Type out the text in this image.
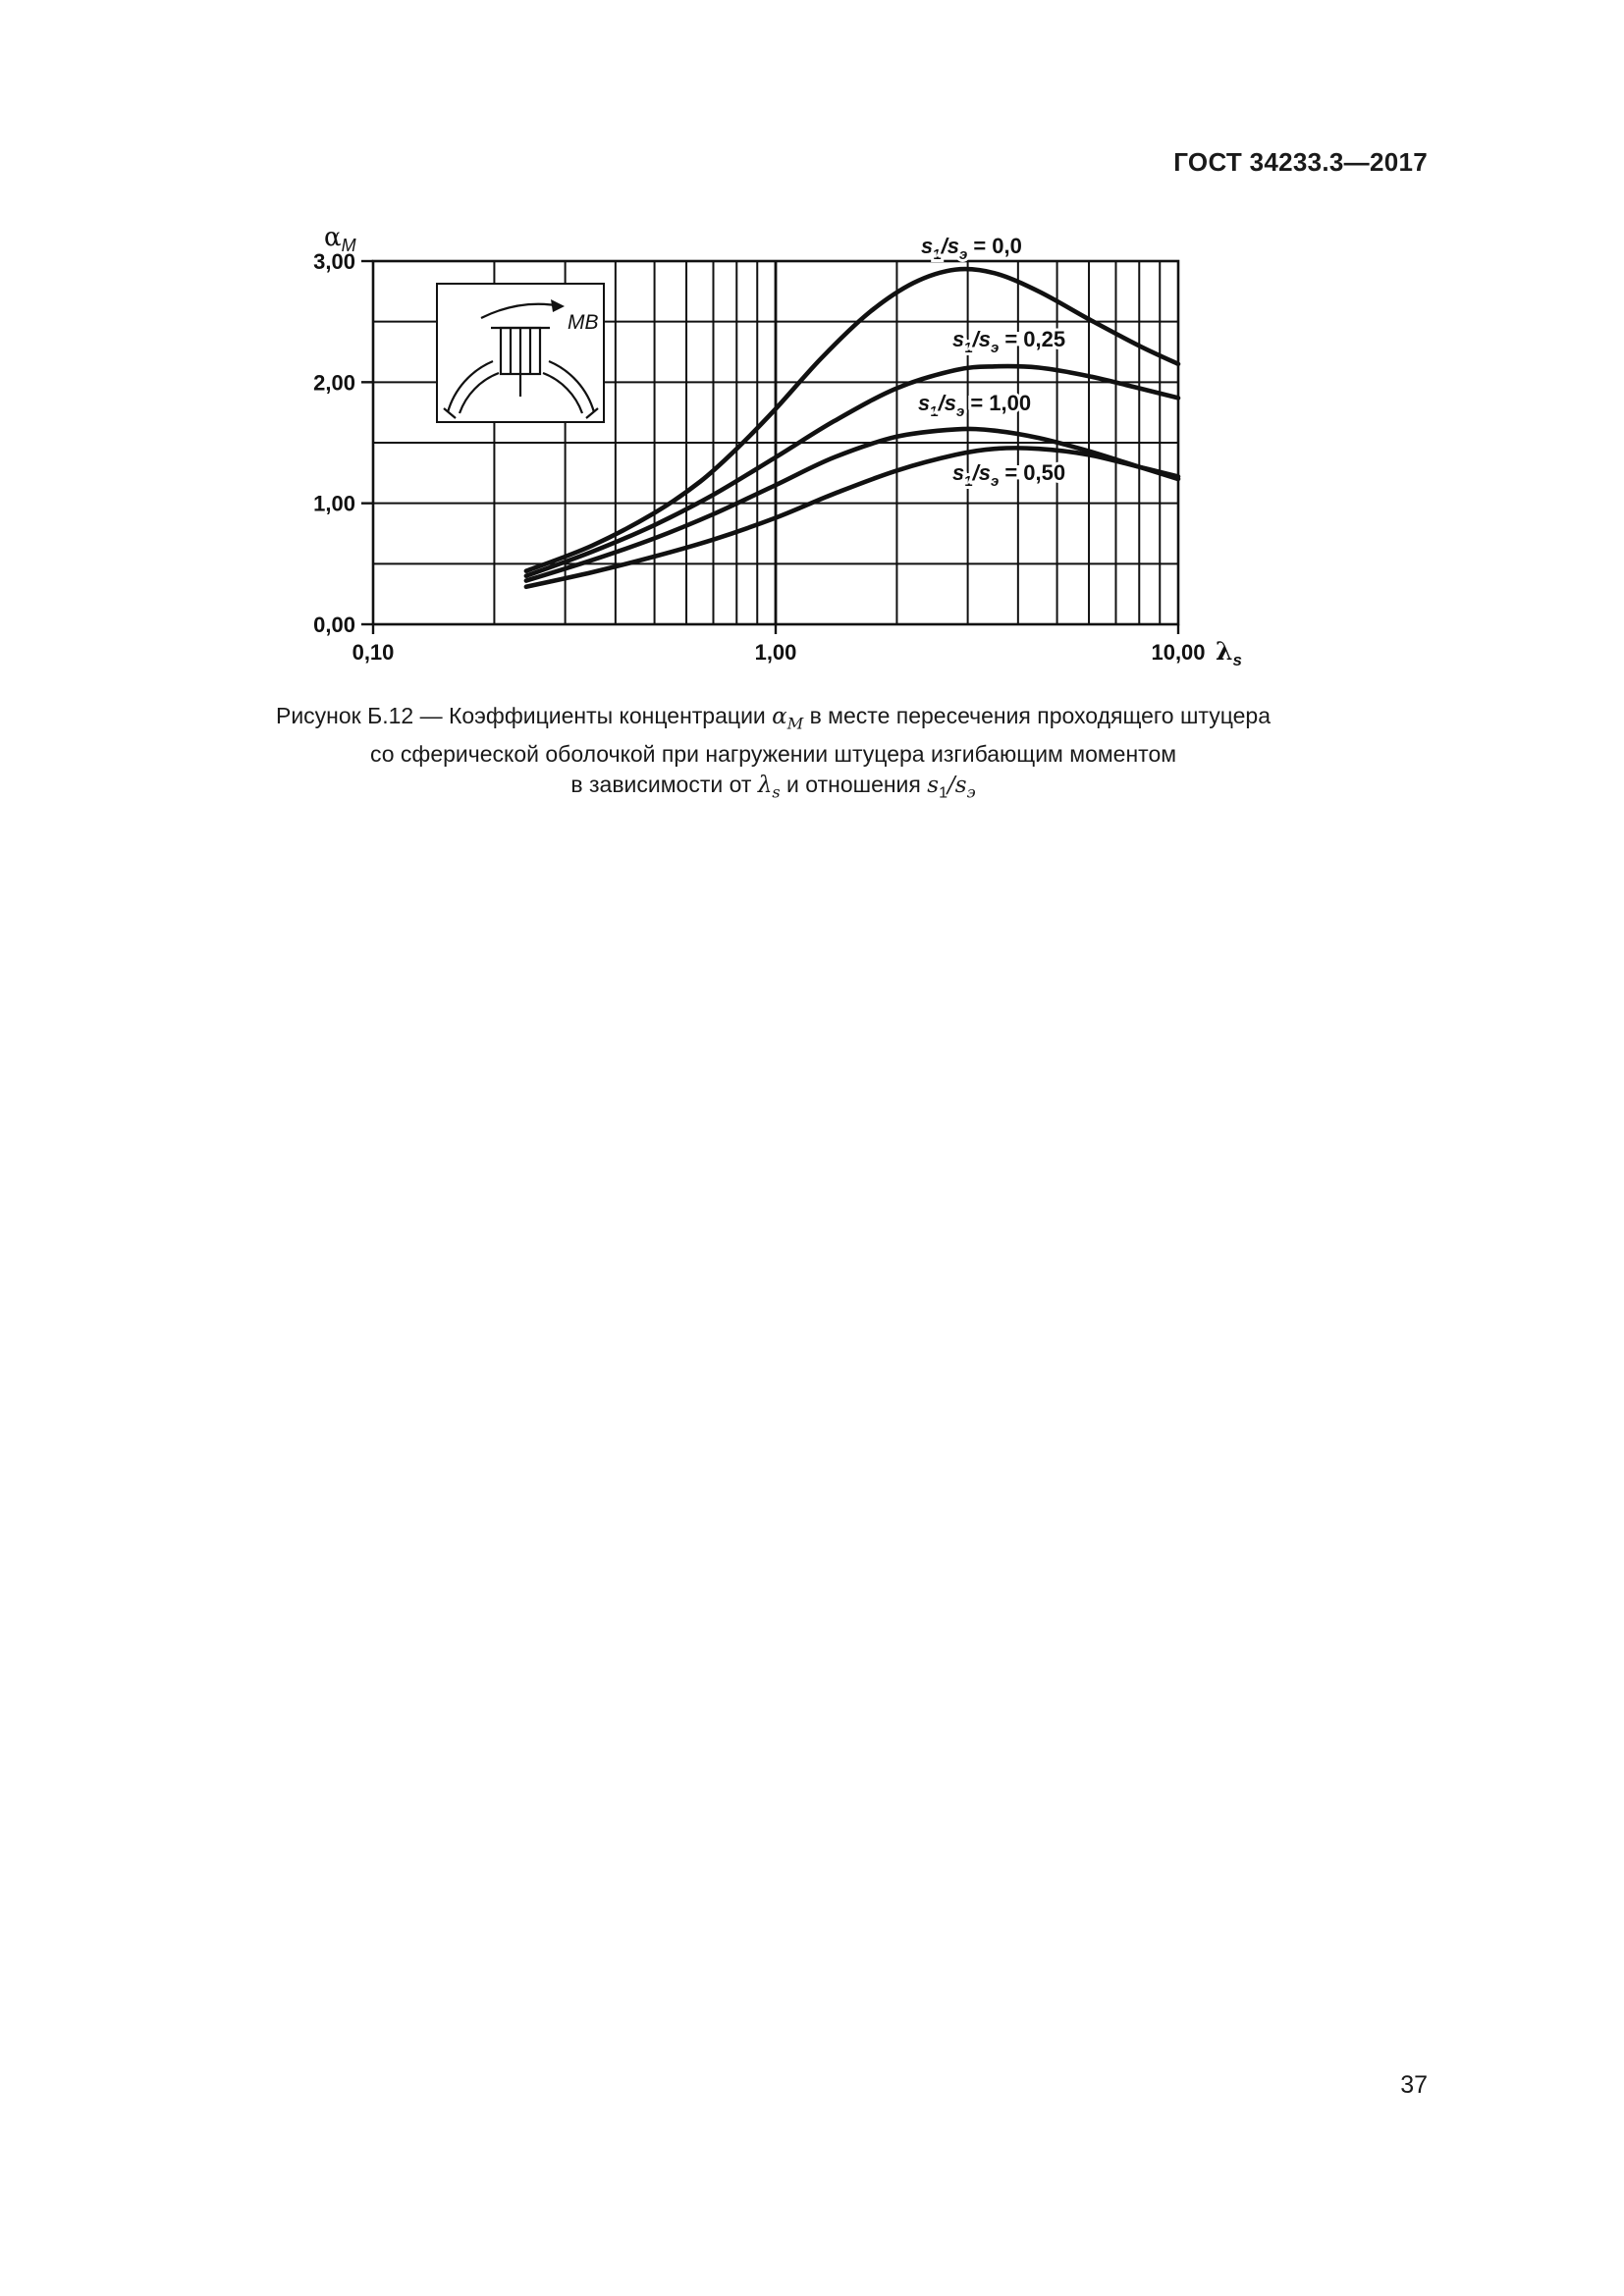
ГОСТ 34233.3—2017
0,00
1,00
2,00
3,00
0,10	1,00	10,00
$\alpha_M$
$\lambda_s$
$s_1/s_э = 0,0$
$s_1/s_э = 0,25$
$s_1/s_э = 1,00$
$s_1/s_э = 0,50$
MB
Рисунок Б.12 — Коэффициенты концентрации $\alpha_M$ в месте пересечения проходящего штуцера
со сферической оболочкой при нагружении штуцера изгибающим моментом
в зависимости от $\lambda_s$ и отношения $s_1/s_э$
37
